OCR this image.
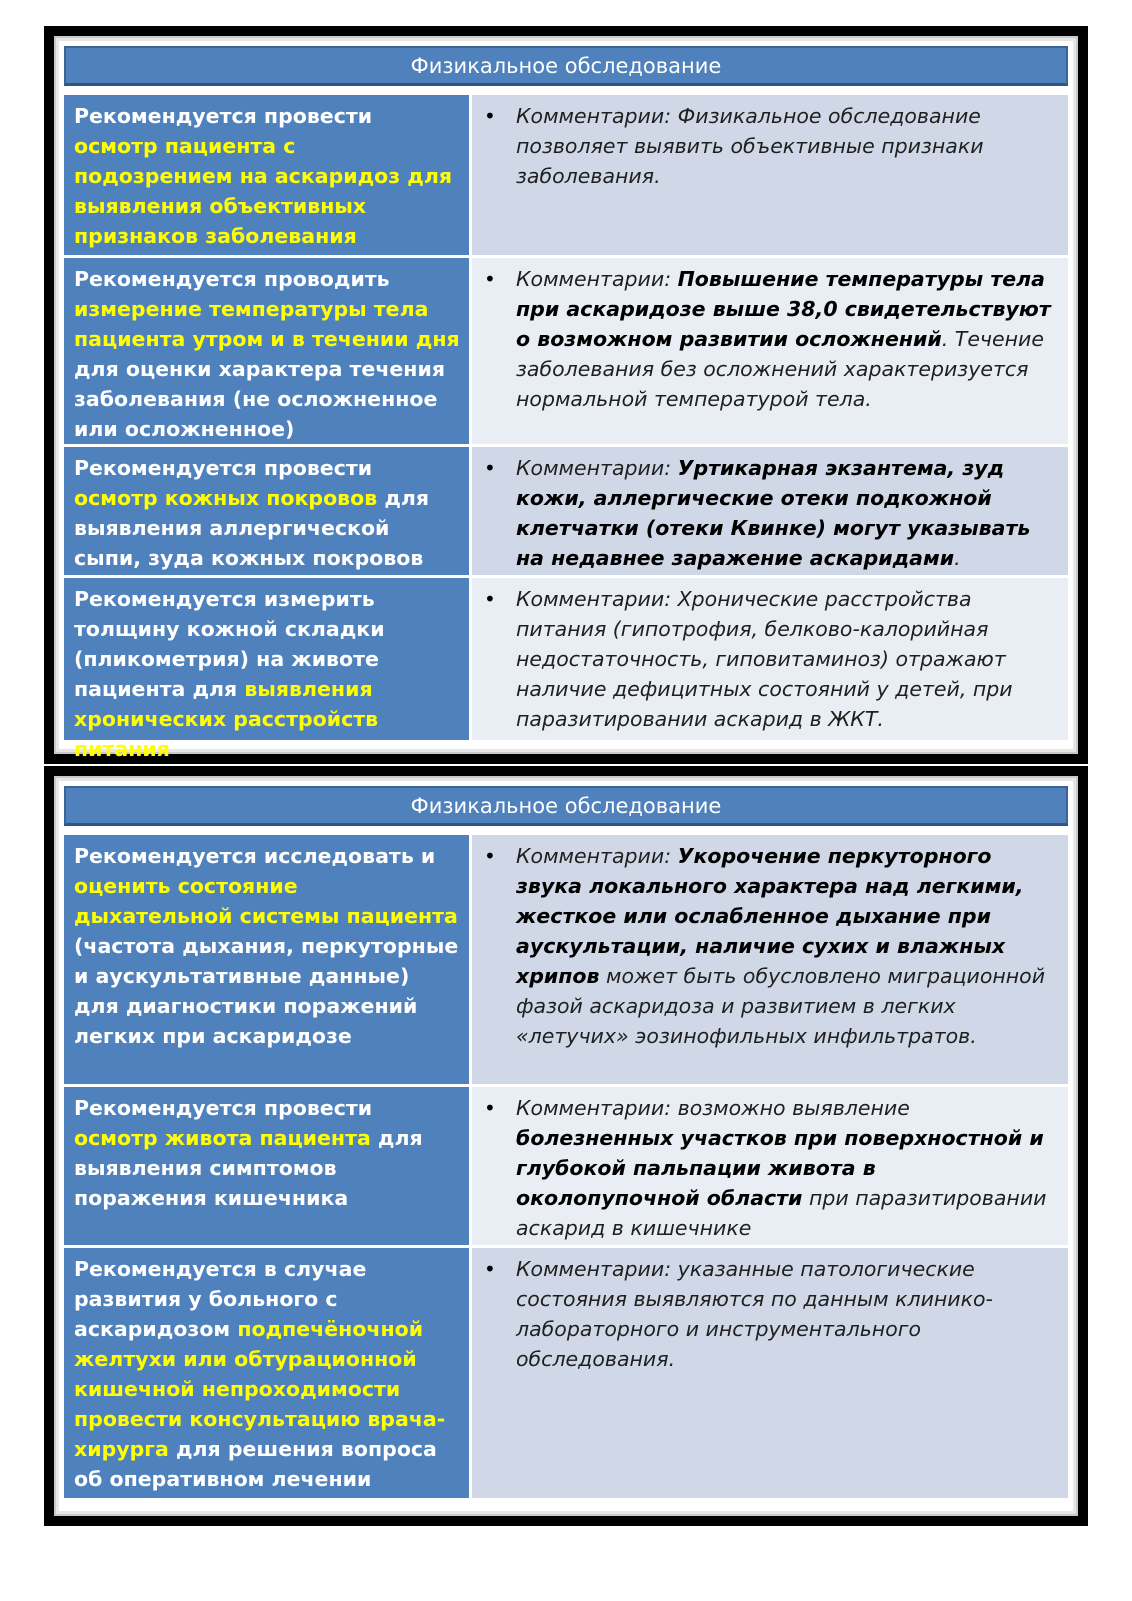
Физикальное обследование
Рекомендуется провести осмотр пациента с подозрением на аскаридоз для выявления объективных признаков заболевания
• Комментарии: Физикальное обследование позволяет выявить объективные признаки заболевания.
Рекомендуется проводить измерение температуры тела пациента утром и в течении дня для оценки характера течения заболевания (не осложненное или осложненное)
• Комментарии: Повышение температуры тела при аскаридозе выше 38,0 свидетельствуют о возможном развитии осложнений. Течение заболевания без осложнений характеризуется нормальной температурой тела.
Рекомендуется провести осмотр кожных покровов для выявления аллергической сыпи, зуда кожных покровов
• Комментарии: Уртикарная экзантема, зуд кожи, аллергические отеки подкожной клетчатки (отеки Квинке) могут указывать на недавнее заражение аскаридами.
Рекомендуется измерить толщину кожной складки (пликометрия) на животе пациента для выявления хронических расстройств питания
• Комментарии: Хронические расстройства питания (гипотрофия, белково-калорийная недостаточность, гиповитаминоз) отражают наличие дефицитных состояний у детей, при паразитировании аскарид в ЖКТ.
Физикальное обследование
Рекомендуется исследовать и оценить состояние дыхательной системы пациента (частота дыхания, перкуторные и аускультативные данные) для диагностики поражений легких при аскаридозе
• Комментарии: Укорочение перкуторного звука локального характера над легкими, жесткое или ослабленное дыхание при аускультации, наличие сухих и влажных хрипов может быть обусловлено миграционной фазой аскаридоза и развитием в легких «летучих» эозинофильных инфильтратов.
Рекомендуется провести осмотр живота пациента для выявления симптомов поражения кишечника
• Комментарии: возможно выявление болезненных участков при поверхностной и глубокой пальпации живота в околопупочной области при паразитировании аскарид в кишечнике
Рекомендуется в случае развития у больного с аскаридозом подпечёночной желтухи или обтурационной кишечной непроходимости провести консультацию врача-хирурга для решения вопроса об оперативном лечении
• Комментарии: указанные патологические состояния выявляются по данным клинико-лабораторного и инструментального обследования.
